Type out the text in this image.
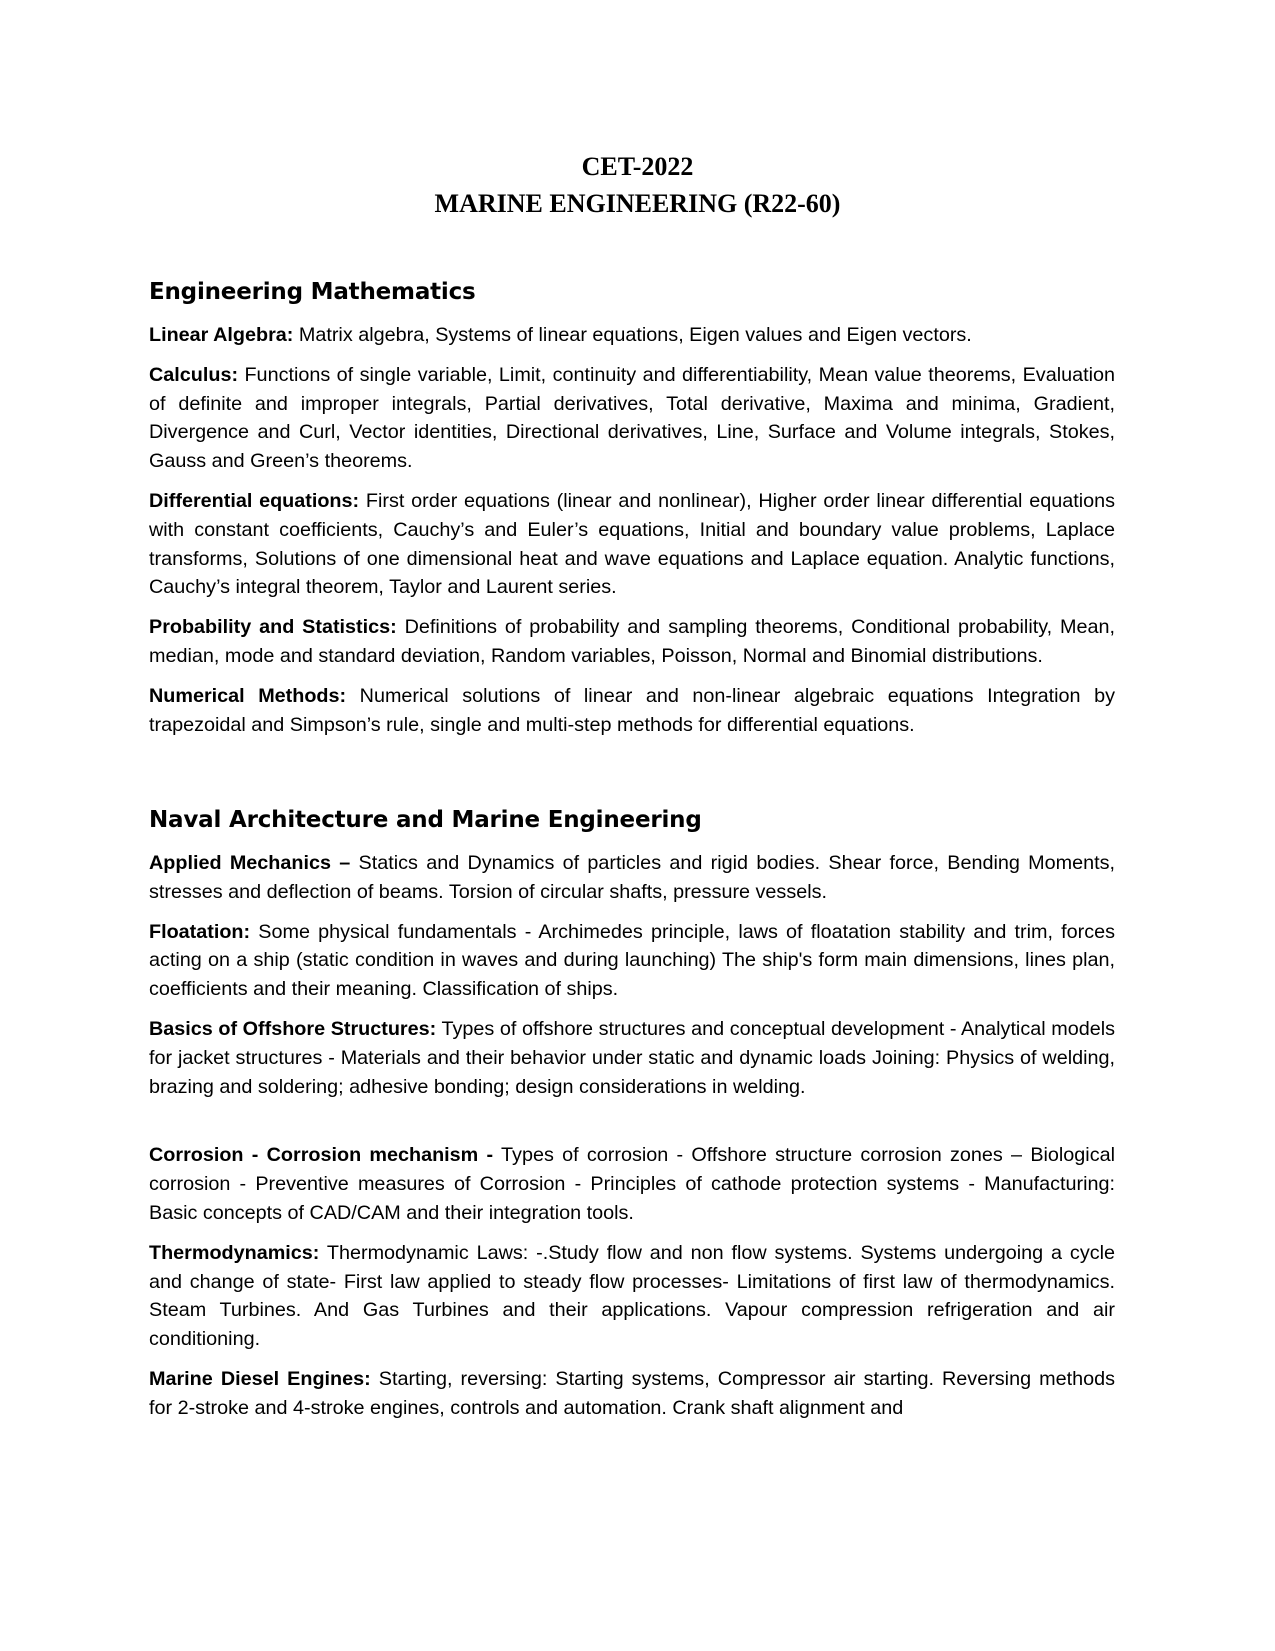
CET-2022
MARINE ENGINEERING (R22-60)
Engineering Mathematics

Linear Algebra: Matrix algebra, Systems of linear equations, Eigen values and Eigen vectors.

Calculus: Functions of single variable, Limit, continuity and differentiability, Mean value theorems, Evaluation of definite and improper integrals, Partial derivatives, Total derivative, Maxima and minima, Gradient, Divergence and Curl, Vector identities, Directional derivatives, Line, Surface and Volume integrals, Stokes, Gauss and Green’s theorems.

Differential equations: First order equations (linear and nonlinear), Higher order linear differential equations with constant coefficients, Cauchy’s and Euler’s equations, Initial and boundary value problems, Laplace transforms, Solutions of one dimensional heat and wave equations and Laplace equation. Analytic functions, Cauchy’s integral theorem, Taylor and Laurent series.

Probability and Statistics: Definitions of probability and sampling theorems, Conditional probability, Mean, median, mode and standard deviation, Random variables, Poisson, Normal and Binomial distributions.

Numerical Methods: Numerical solutions of linear and non-linear algebraic equations Integration by trapezoidal and Simpson’s rule, single and multi-step methods for differential equations.

Naval Architecture and Marine Engineering

Applied Mechanics – Statics and Dynamics of particles and rigid bodies. Shear force, Bending Moments, stresses and deflection of beams. Torsion of circular shafts, pressure vessels.

Floatation: Some physical fundamentals - Archimedes principle, laws of floatation stability and trim, forces acting on a ship (static condition in waves and during launching) The ship's form main dimensions, lines plan, coefficients and their meaning. Classification of ships.

Basics of Offshore Structures: Types of offshore structures and conceptual development - Analytical models for jacket structures - Materials and their behavior under static and dynamic loads Joining: Physics of welding, brazing and soldering; adhesive bonding; design considerations in welding.

Corrosion - Corrosion mechanism - Types of corrosion - Offshore structure corrosion zones – Biological corrosion - Preventive measures of Corrosion - Principles of cathode protection systems - Manufacturing: Basic concepts of CAD/CAM and their integration tools.

Thermodynamics: Thermodynamic Laws: -.Study flow and non flow systems. Systems undergoing a cycle and change of state- First law applied to steady flow processes- Limitations of first law of thermodynamics. Steam Turbines. And Gas Turbines and their applications. Vapour compression refrigeration and air conditioning.

Marine Diesel Engines: Starting, reversing: Starting systems, Compressor air starting. Reversing methods for 2-stroke and 4-stroke engines, controls and automation. Crank shaft alignment and
